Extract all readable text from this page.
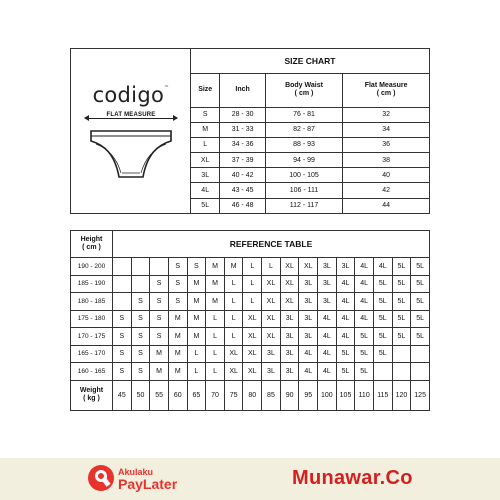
codigo™
FLAT MEASURE
SIZE CHART			
Size	Inch	Body Waist
( cm )	Flat Measure
( cm )
S	28 - 30	76 - 81	32
M	31 - 33	82 - 87	34
L	34 - 36	88 - 93	36
XL	37 - 39	94 - 99	38
3L	40 - 42	100 - 105	40
4L	43 - 45	106 - 111	42
5L	46 - 48	112 - 117	44
Height
( cm )	REFERENCE TABLE																
190 - 200				S	S	M	M	L	L	XL	XL	3L	3L	4L	4L	5L	5L
185 - 190			S	S	M	M	L	L	XL	XL	3L	3L	4L	4L	5L	5L	5L
180 - 185		S	S	S	M	M	L	L	XL	XL	3L	3L	4L	4L	5L	5L	5L
175 - 180	S	S	S	M	M	L	L	XL	XL	3L	3L	4L	4L	4L	5L	5L	5L
170 - 175	S	S	S	M	M	L	L	XL	XL	3L	3L	4L	4L	5L	5L	5L	5L
165 - 170	S	S	M	M	L	L	XL	XL	3L	3L	4L	4L	5L	5L	5L		
160 - 165	S	S	M	M	L	L	XL	XL	3L	3L	4L	4L	5L	5L			
Weight
( kg )	45	50	55	60	65	70	75	80	85	90	95	100	105	110	115	120	125
Akulaku
PayLater	Munawar.Co
